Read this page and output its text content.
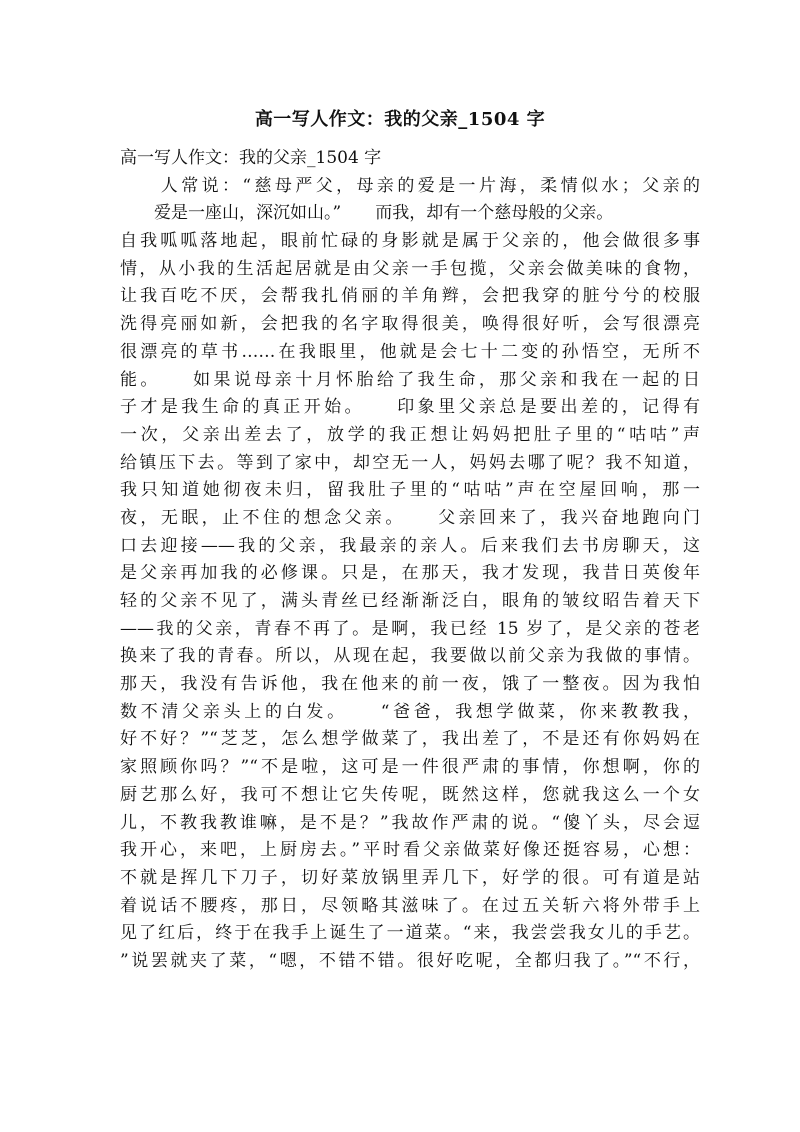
高一写人作文：我的父亲_1504 字
高一写人作文：我的父亲_1504 字
　　人常说：“慈母严父，母亲的爱是一片海，柔情似水；父亲的
　　爱是一座山，深沉如山。”　　而我，却有一个慈母般的父亲。
自我呱呱落地起，眼前忙碌的身影就是属于父亲的，他会做很多事
情，从小我的生活起居就是由父亲一手包揽，父亲会做美味的食物，
让我百吃不厌，会帮我扎俏丽的羊角辫，会把我穿的脏兮兮的校服
洗得亮丽如新，会把我的名字取得很美，唤得很好听，会写很漂亮
很漂亮的草书……在我眼里，他就是会七十二变的孙悟空，无所不
能。　　如果说母亲十月怀胎给了我生命，那父亲和我在一起的日
子才是我生命的真正开始。　　印象里父亲总是要出差的，记得有
一次，父亲出差去了，放学的我正想让妈妈把肚子里的“咕咕”声
给镇压下去。等到了家中，却空无一人，妈妈去哪了呢？我不知道，
我只知道她彻夜未归，留我肚子里的“咕咕”声在空屋回响，那一
夜，无眠，止不住的想念父亲。　　父亲回来了，我兴奋地跑向门
口去迎接——我的父亲，我最亲的亲人。后来我们去书房聊天，这
是父亲再加我的必修课。只是，在那天，我才发现，我昔日英俊年
轻的父亲不见了，满头青丝已经渐渐泛白，眼角的皱纹昭告着天下
——我的父亲，青春不再了。是啊，我已经 15 岁了，是父亲的苍老
换来了我的青春。所以，从现在起，我要做以前父亲为我做的事情。
那天，我没有告诉他，我在他来的前一夜，饿了一整夜。因为我怕
数不清父亲头上的白发。　　“爸爸，我想学做菜，你来教教我，
好不好？”“芝芝，怎么想学做菜了，我出差了，不是还有你妈妈在
家照顾你吗？”“不是啦，这可是一件很严肃的事情，你想啊，你的
厨艺那么好，我可不想让它失传呢，既然这样，您就我这么一个女
儿，不教我教谁嘛，是不是？”我故作严肃的说。“傻丫头，尽会逗
我开心，来吧，上厨房去。”平时看父亲做菜好像还挺容易，心想：
不就是挥几下刀子，切好菜放锅里弄几下，好学的很。可有道是站
着说话不腰疼，那日，尽领略其滋味了。在过五关斩六将外带手上
见了红后，终于在我手上诞生了一道菜。“来，我尝尝我女儿的手艺。
”说罢就夹了菜，“嗯，不错不错。很好吃呢，全都归我了。”“不行，
